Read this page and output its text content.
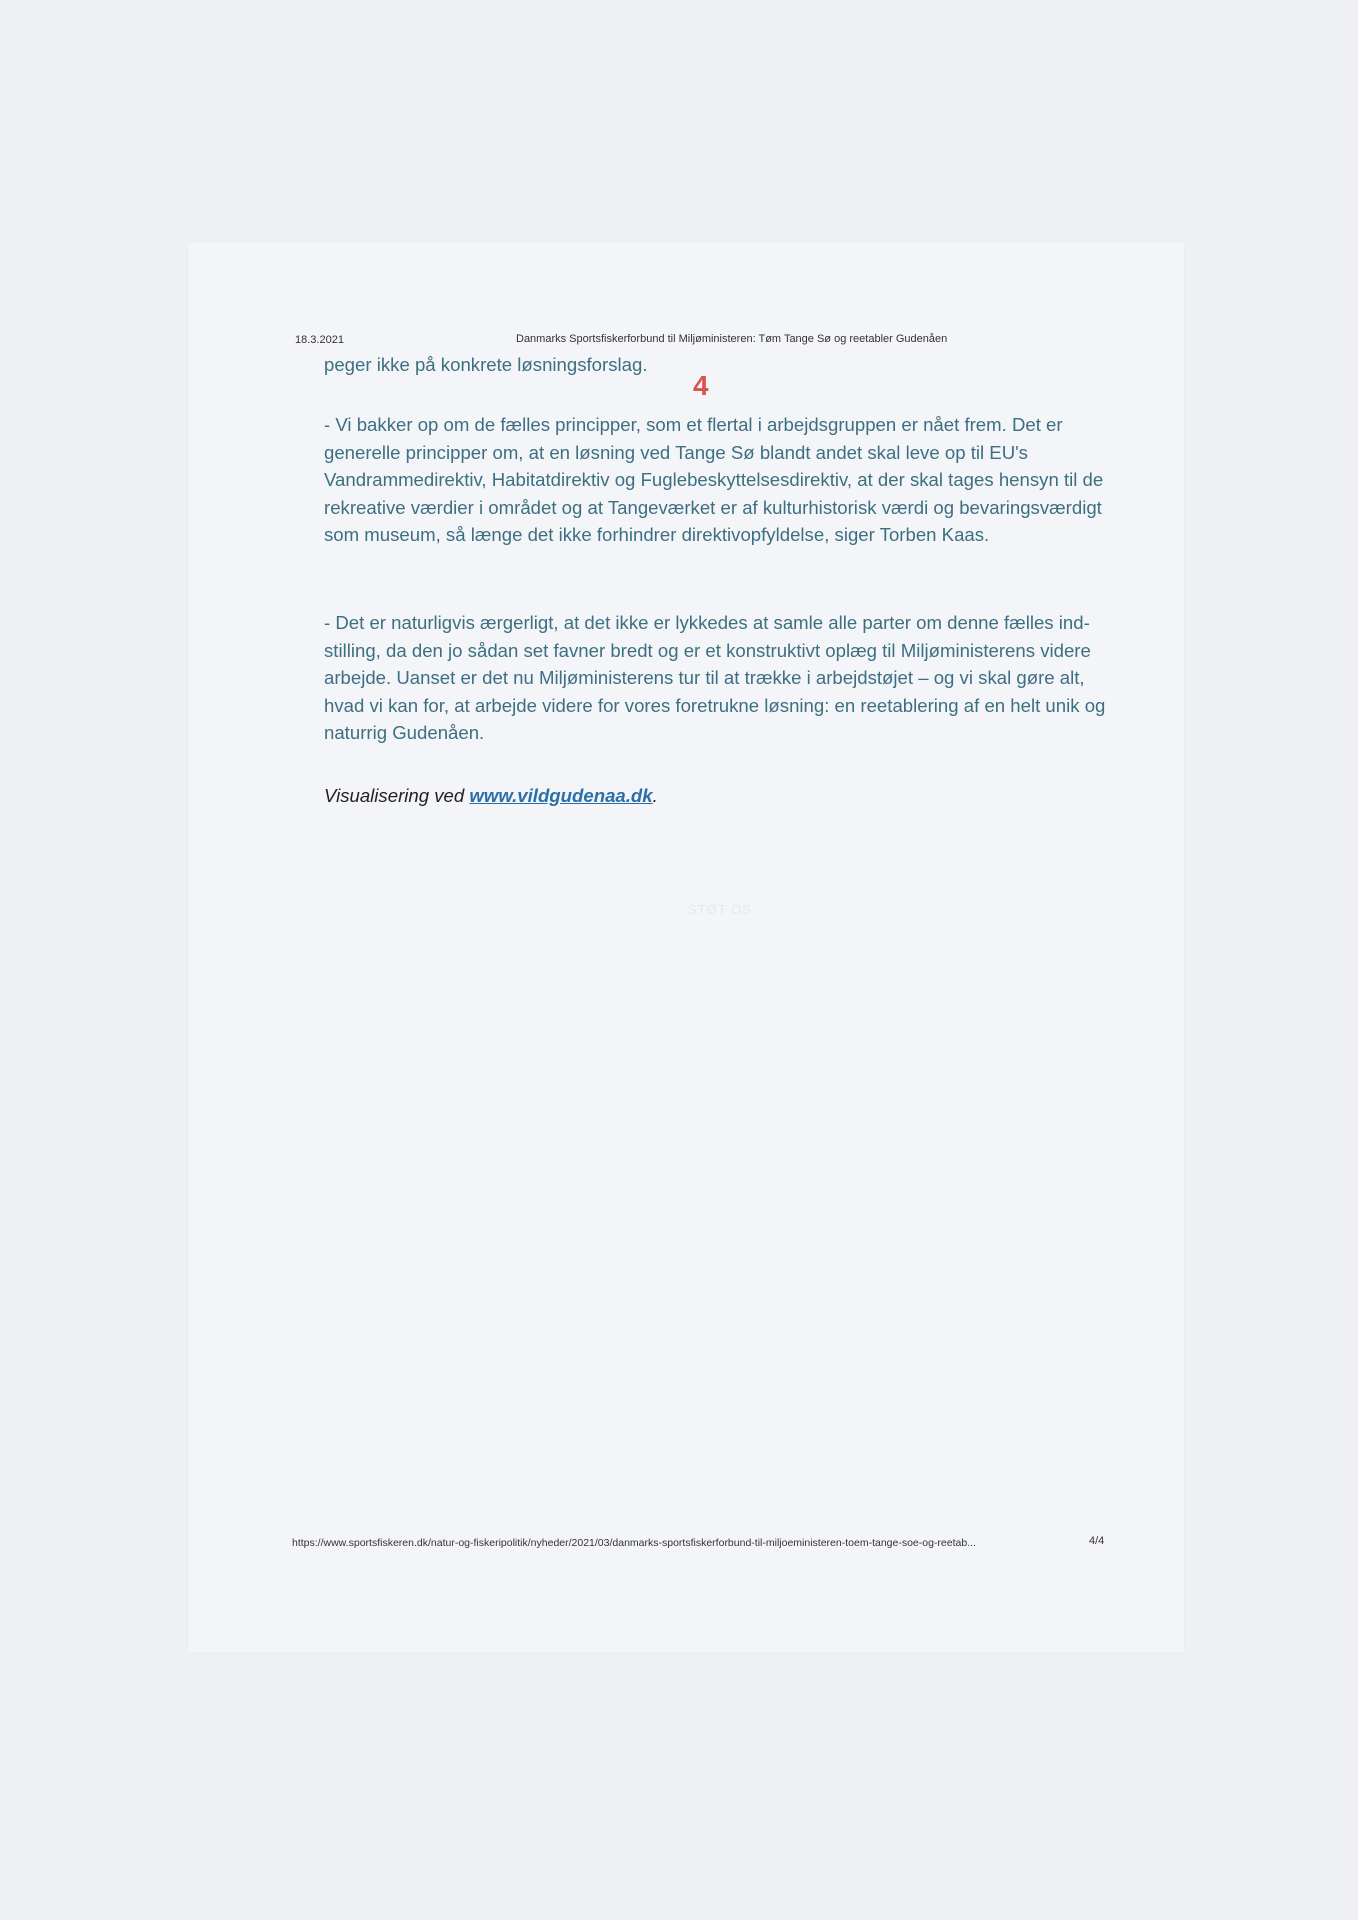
18.3.2021	Danmarks Sportsfiskerforbund til Miljøministeren: Tøm Tange Sø og reetabler Gudenåen
4

peger ikke på konkrete løsningsforslag.

- Vi bakker op om de fælles principper, som et flertal i arbejdsgruppen er nået frem. Det er generelle principper om, at en løsning ved Tange Sø blandt andet skal leve op til EU's Vandrammedirektiv, Habitatdirektiv og Fuglebeskyttelsesdirektiv, at der skal tages hensyn til de rekreative værdier i området og at Tangeværket er af kulturhistorisk værdi og bevaringsværdigt som museum, så længe det ikke forhindrer direktivopfyldelse, siger Torben Kaas.

- Det er naturligvis ærgerligt, at det ikke er lykkedes at samle alle parter om denne fælles ind-stilling, da den jo sådan set favner bredt og er et konstruktivt oplæg til Miljøministerens videre arbejde. Uanset er det nu Miljøministerens tur til at trække i arbejdstøjet – og vi skal gøre alt, hvad vi kan for, at arbejde videre for vores foretrukne løsning: en reetablering af en helt unik og naturrig Gudenåen.

Visualisering ved www.vildgudenaa.dk.

STØT OS
https://www.sportsfiskeren.dk/natur-og-fiskeripolitik/nyheder/2021/03/danmarks-sportsfiskerforbund-til-miljoeministeren-toem-tange-soe-og-reetab...	4/4
